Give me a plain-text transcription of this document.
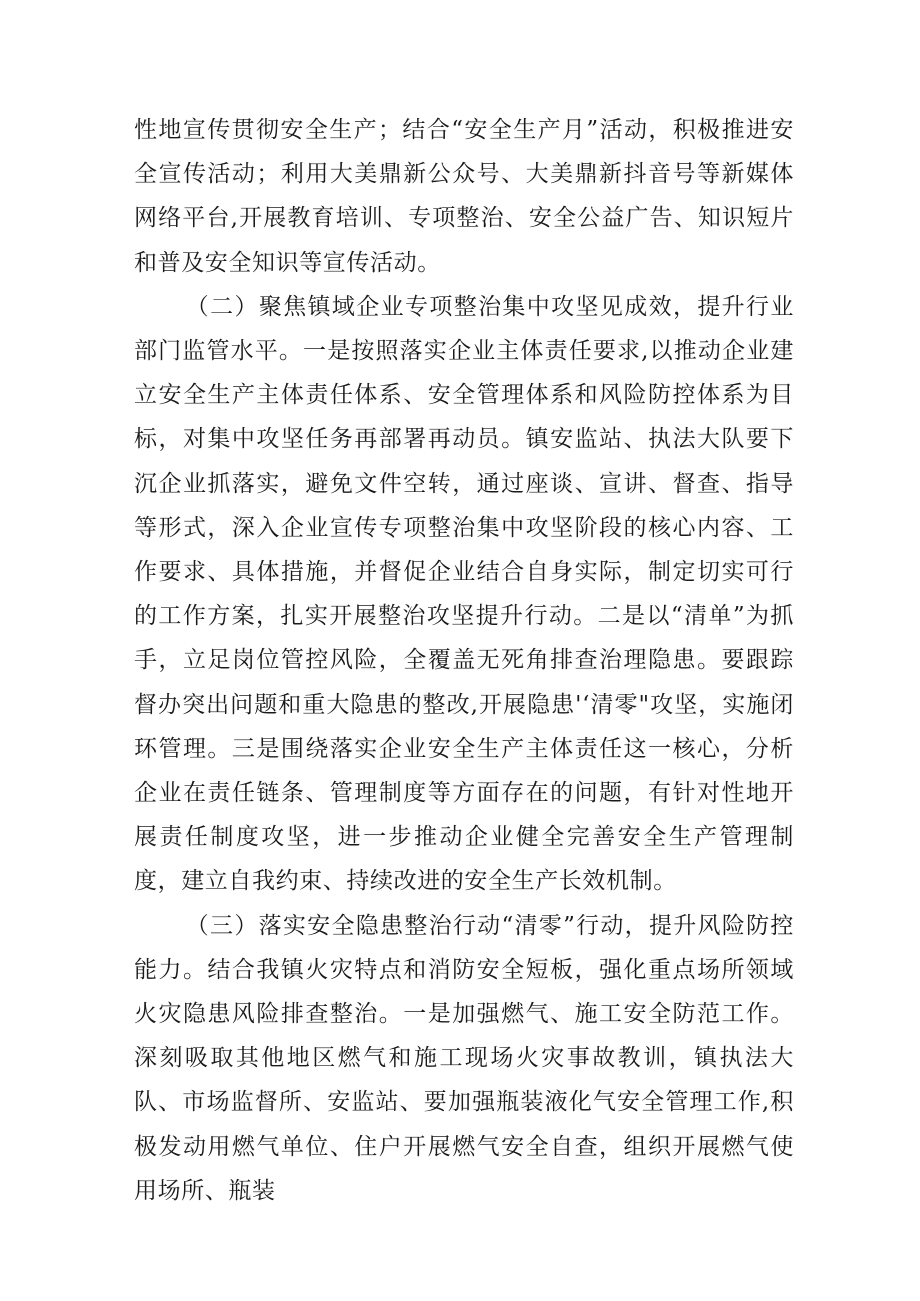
性地宣传贯彻安全生产；结合“安全生产月”活动，积极推进安全宣传活动；利用大美鼎新公众号、大美鼎新抖音号等新媒体网络平台,开展教育培训、专项整治、安全公益广告、知识短片和普及安全知识等宣传活动。

（二）聚焦镇域企业专项整治集中攻坚见成效，提升行业部门监管水平。一是按照落实企业主体责任要求,以推动企业建立安全生产主体责任体系、安全管理体系和风险防控体系为目标，对集中攻坚任务再部署再动员。镇安监站、执法大队要下沉企业抓落实，避免文件空转，通过座谈、宣讲、督查、指导等形式，深入企业宣传专项整治集中攻坚阶段的核心内容、工作要求、具体措施，并督促企业结合自身实际，制定切实可行的工作方案，扎实开展整治攻坚提升行动。二是以“清单”为抓手，立足岗位管控风险，全覆盖无死角排查治理隐患。要跟踪督办突出问题和重大隐患的整改,开展隐患'‘清零"攻坚，实施闭环管理。三是围绕落实企业安全生产主体责任这一核心，分析企业在责任链条、管理制度等方面存在的问题，有针对性地开展责任制度攻坚，进一步推动企业健全完善安全生产管理制度，建立自我约束、持续改进的安全生产长效机制。

（三）落实安全隐患整治行动“清零”行动，提升风险防控能力。结合我镇火灾特点和消防安全短板，强化重点场所领域火灾隐患风险排查整治。一是加强燃气、施工安全防范工作。深刻吸取其他地区燃气和施工现场火灾事故教训，镇执法大队、市场监督所、安监站、要加强瓶装液化气安全管理工作,积极发动用燃气单位、住户开展燃气安全自查，组织开展燃气使用场所、瓶装
